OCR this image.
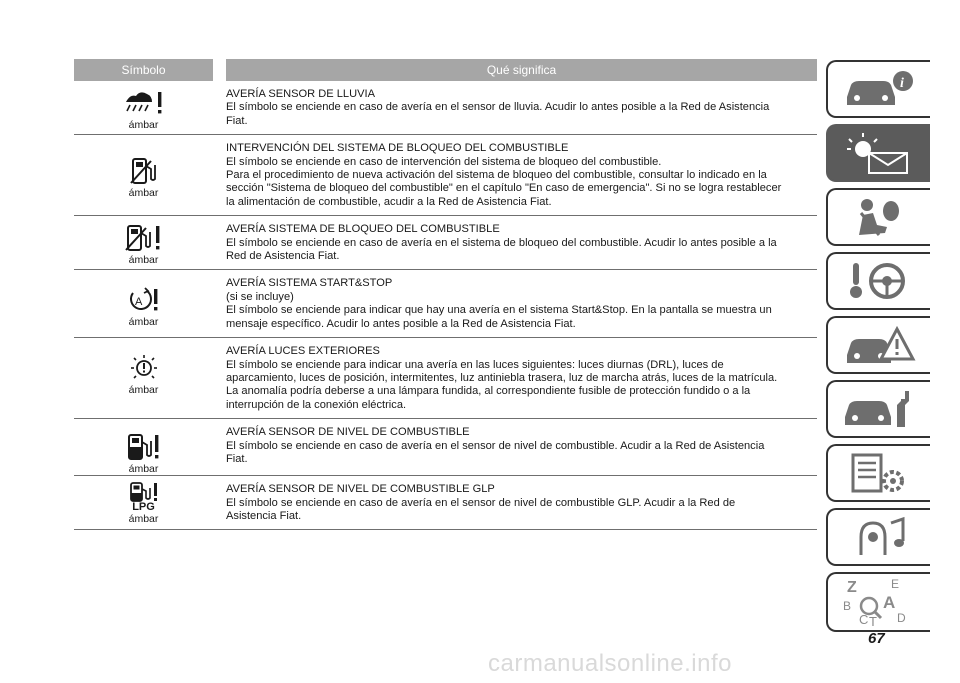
Símbolo	Qué significa
ámbar
AVERÍA SENSOR DE LLUVIA
El símbolo se enciende en caso de avería en el sensor de lluvia. Acudir lo antes posible a la Red de Asistencia
Fiat.
ámbar
INTERVENCIÓN DEL SISTEMA DE BLOQUEO DEL COMBUSTIBLE
El símbolo se enciende en caso de intervención del sistema de bloqueo del combustible.
Para el procedimiento de nueva activación del sistema de bloqueo del combustible, consultar lo indicado en la
sección "Sistema de bloqueo del combustible" en el capítulo "En caso de emergencia". Si no se logra restablecer
la alimentación de combustible, acudir a la Red de Asistencia Fiat.
ámbar
AVERÍA SISTEMA DE BLOQUEO DEL COMBUSTIBLE
El símbolo se enciende en caso de avería en el sistema de bloqueo del combustible. Acudir lo antes posible a la
Red de Asistencia Fiat.
A
ámbar
AVERÍA SISTEMA START&STOP
(si se incluye)
El símbolo se enciende para indicar que hay una avería en el sistema Start&Stop. En la pantalla se muestra un
mensaje específico. Acudir lo antes posible a la Red de Asistencia Fiat.
ámbar
AVERÍA LUCES EXTERIORES
El símbolo se enciende para indicar una avería en las luces siguientes: luces diurnas (DRL), luces de
aparcamiento, luces de posición, intermitentes, luz antiniebla trasera, luz de marcha atrás, luces de la matrícula.
La anomalía podría deberse a una lámpara fundida, al correspondiente fusible de protección fundido o a la
interrupción de la conexión eléctrica.
ámbar
AVERÍA SENSOR DE NIVEL DE COMBUSTIBLE
El símbolo se enciende en caso de avería en el sensor de nivel de combustible. Acudir a la Red de Asistencia
Fiat.
LPG
ámbar
AVERÍA SENSOR DE NIVEL DE COMBUSTIBLE GLP
El símbolo se enciende en caso de avería en el sensor de nivel de combustible GLP. Acudir a la Red de
Asistencia Fiat.
i
Z	E
A
B
C T D
67
carmanualsonline.info
